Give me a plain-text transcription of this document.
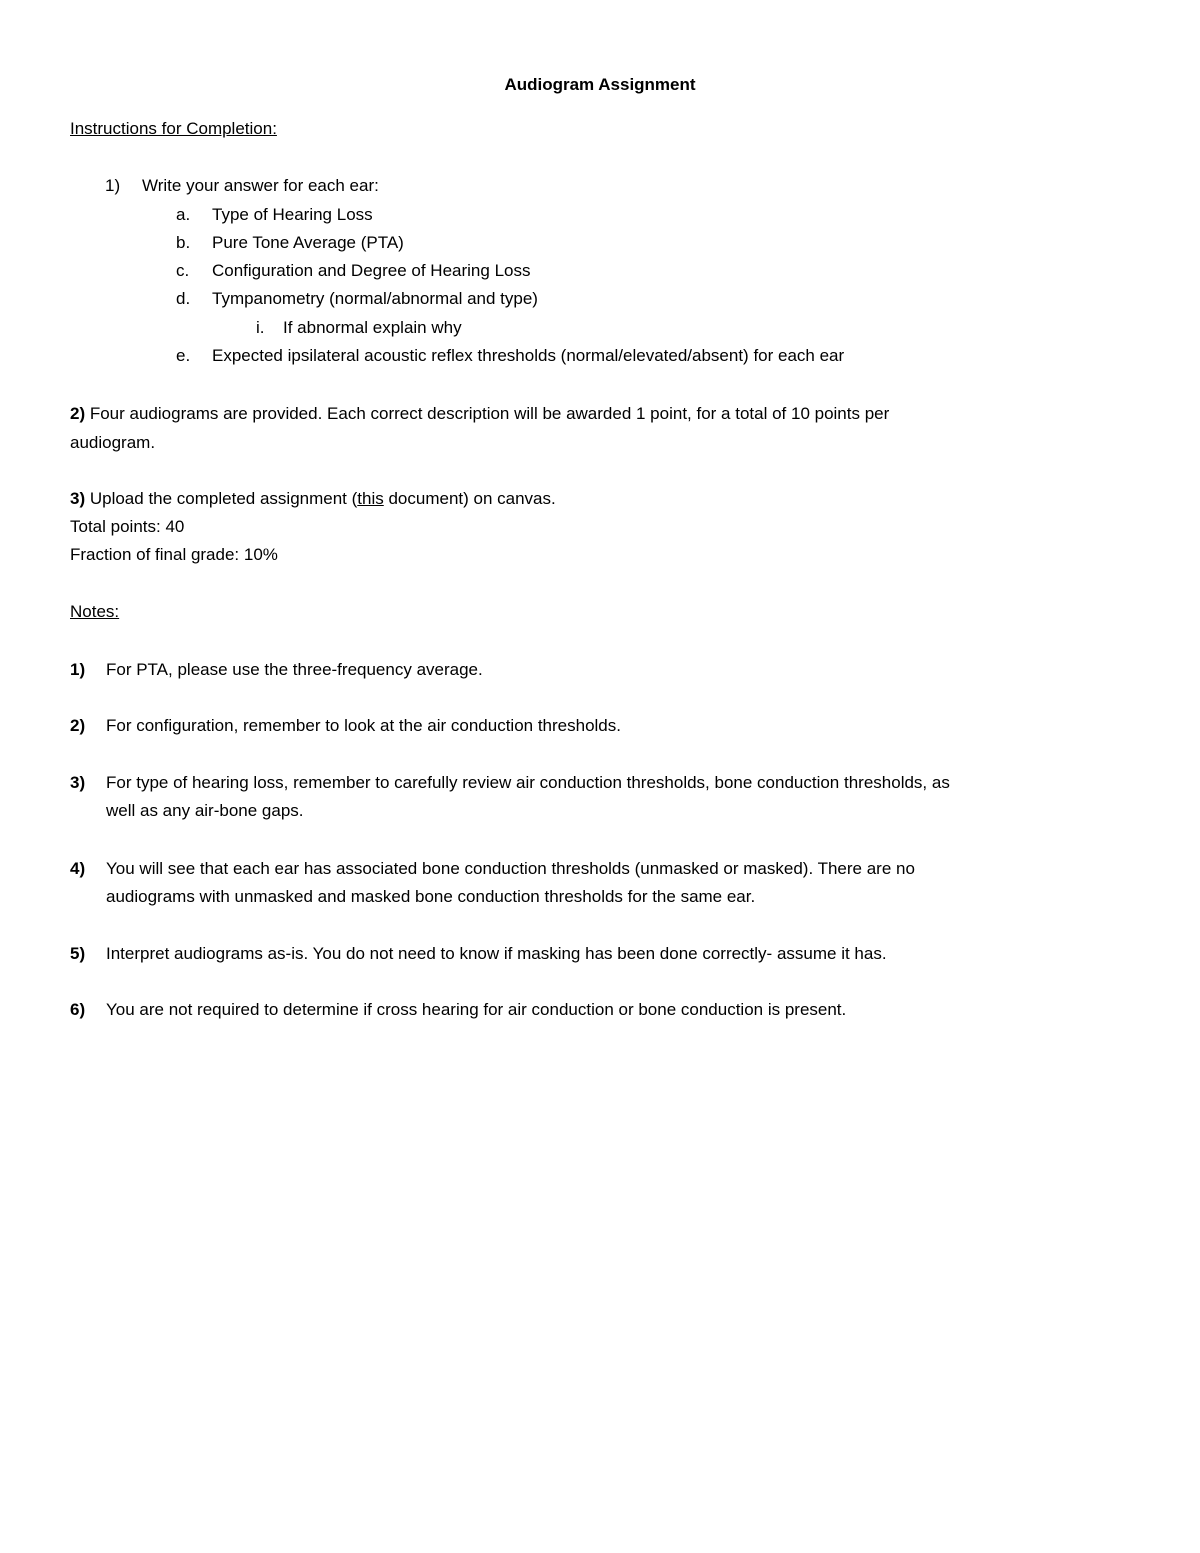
Audiogram Assignment
Instructions for Completion:
1) Write your answer for each ear:
a. Type of Hearing Loss
b. Pure Tone Average (PTA)
c. Configuration and Degree of Hearing Loss
d. Tympanometry (normal/abnormal and type)
i. If abnormal explain why
e. Expected ipsilateral acoustic reflex thresholds (normal/elevated/absent) for each ear
2) Four audiograms are provided. Each correct description will be awarded 1 point, for a total of 10 points per
audiogram.
3) Upload the completed assignment (this document) on canvas.
Total points: 40
Fraction of final grade: 10%
Notes:
1) For PTA, please use the three-frequency average.
2) For configuration, remember to look at the air conduction thresholds.
3) For type of hearing loss, remember to carefully review air conduction thresholds, bone conduction thresholds, as
well as any air-bone gaps.
4) You will see that each ear has associated bone conduction thresholds (unmasked or masked). There are no
audiograms with unmasked and masked bone conduction thresholds for the same ear.
5) Interpret audiograms as-is. You do not need to know if masking has been done correctly- assume it has.
6) You are not required to determine if cross hearing for air conduction or bone conduction is present.
